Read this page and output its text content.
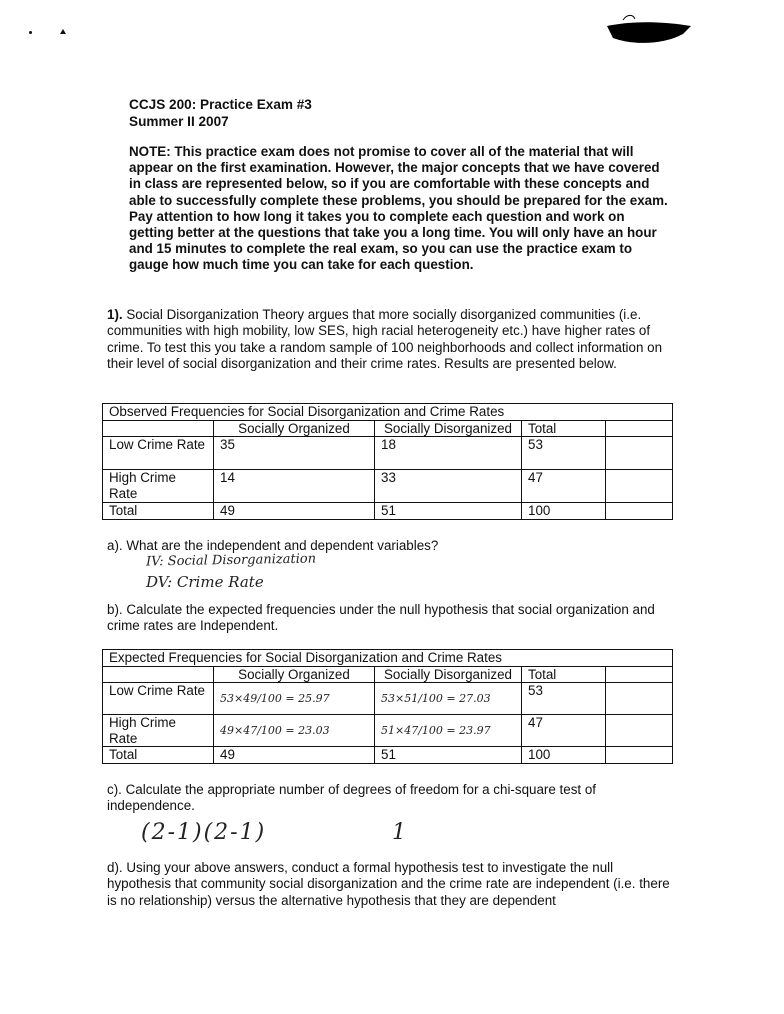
CCJS 200: Practice Exam #3
Summer II 2007
NOTE: This practice exam does not promise to cover all of the material that will appear on the first examination. However, the major concepts that we have covered in class are represented below, so if you are comfortable with these concepts and able to successfully complete these problems, you should be prepared for the exam. Pay attention to how long it takes you to complete each question and work on getting better at the questions that take you a long time. You will only have an hour and 15 minutes to complete the real exam, so you can use the practice exam to gauge how much time you can take for each question.
1). Social Disorganization Theory argues that more socially disorganized communities (i.e. communities with high mobility, low SES, high racial heterogeneity etc.) have higher rates of crime. To test this you take a random sample of 100 neighborhoods and collect information on their level of social disorganization and their crime rates. Results are presented below.
Observed Frequencies for Social Disorganization and Crime Rates				
	Socially Organized	Socially Disorganized	Total	
Low Crime Rate	35	18	53	
High Crime Rate	14	33	47	
Total	49	51	100	
a). What are the independent and dependent variables?
IV: Social Disorganization
DV: Crime Rate
b). Calculate the expected frequencies under the null hypothesis that social organization and crime rates are Independent.
Expected Frequencies for Social Disorganization and Crime Rates				
	Socially Organized	Socially Disorganized	Total	
Low Crime Rate	53×49/100 = 25.97	53×51/100 = 27.03	53	
High Crime Rate	49×47/100 = 23.03	51×47/100 = 23.97	47	
Total	49	51	100	
c). Calculate the appropriate number of degrees of freedom for a chi-square test of independence.
(2-1)(2-1)	1
d). Using your above answers, conduct a formal hypothesis test to investigate the null hypothesis that community social disorganization and the crime rate are independent (i.e. there is no relationship) versus the alternative hypothesis that they are dependent
